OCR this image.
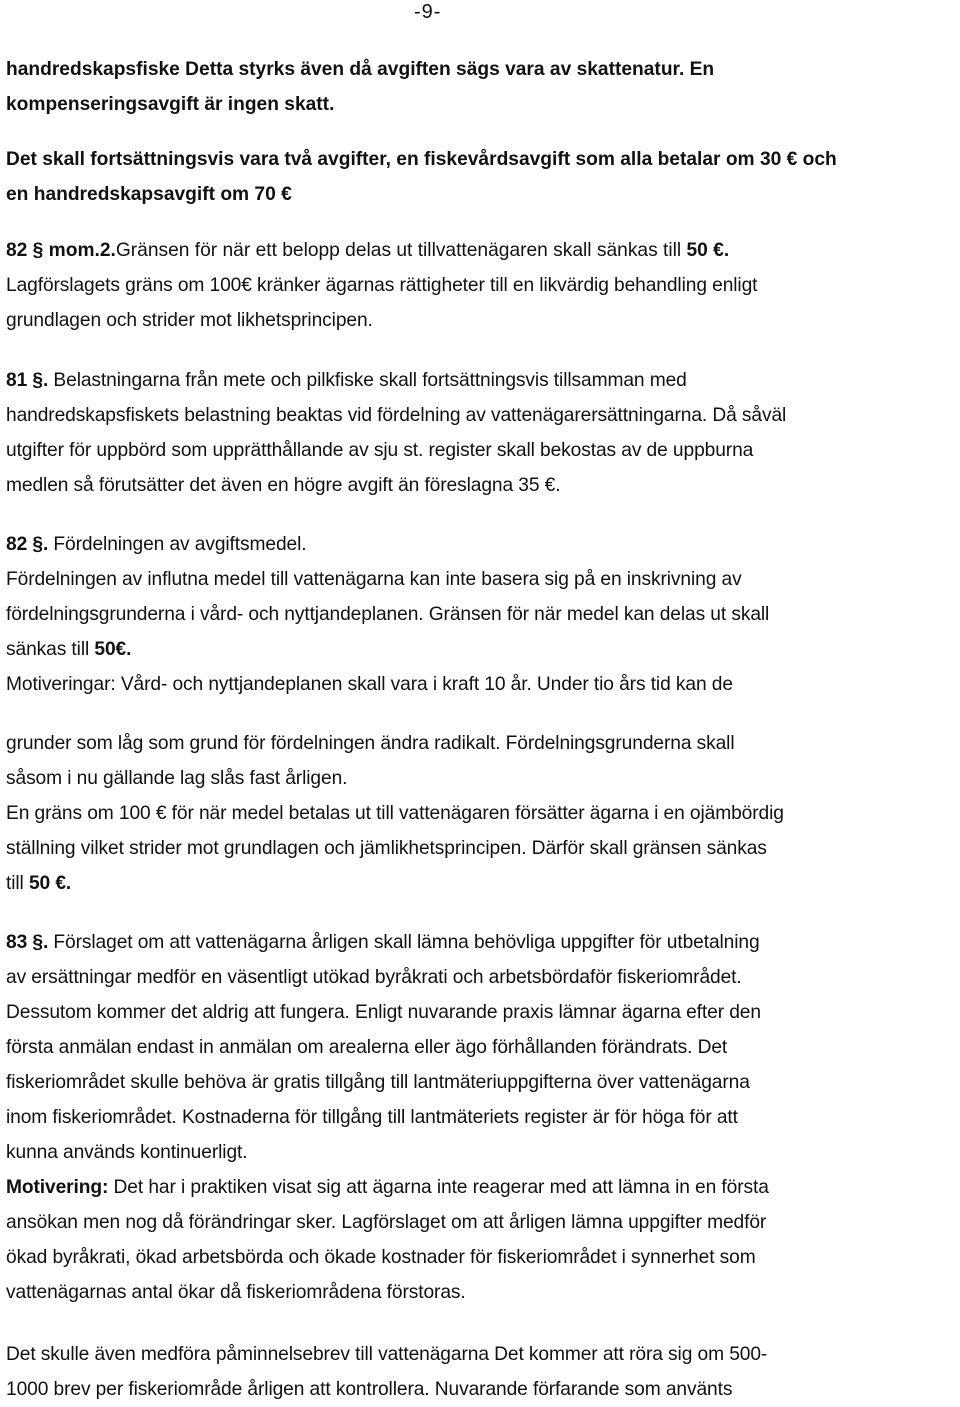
-9-
handredskapsfiske Detta styrks även då avgiften sägs vara av skattenatur. En
kompenseringsavgift är ingen skatt.
Det skall fortsättningsvis vara två avgifter, en fiskevårdsavgift som alla betalar om 30 € och
en handredskapsavgift om 70 €
82 § mom.2.Gränsen för när ett belopp delas ut tillvattenägaren skall sänkas till 50 €.
Lagförslagets gräns om 100€ kränker ägarnas rättigheter till en likvärdig behandling enligt
grundlagen och strider mot likhetsprincipen.
81 §. Belastningarna från mete och pilkfiske skall fortsättningsvis tillsamman med
handredskapsfiskets belastning beaktas vid fördelning av vattenägarersättningarna. Då såväl
utgifter för uppbörd som upprätthållande av sju st. register skall bekostas av de uppburna
medlen så förutsätter det även en högre avgift än föreslagna 35 €.
82 §. Fördelningen av avgiftsmedel.
Fördelningen av influtna medel till vattenägarna kan inte basera sig på en inskrivning av
fördelningsgrunderna i vård- och nyttjandeplanen. Gränsen för när medel kan delas ut skall
sänkas till 50€.
Motiveringar: Vård- och nyttjandeplanen skall vara i kraft 10 år. Under tio års tid kan de
grunder som låg som grund för fördelningen ändra radikalt. Fördelningsgrunderna skall
såsom i nu gällande lag slås fast årligen.
En gräns om 100 € för när medel betalas ut till vattenägaren försätter ägarna i en ojämbördig
ställning vilket strider mot grundlagen och jämlikhetsprincipen. Därför skall gränsen sänkas
till 50 €.
83 §. Förslaget om att vattenägarna årligen skall lämna behövliga uppgifter för utbetalning
av ersättningar medför en väsentligt utökad byråkrati och arbetsbördaför fiskeriområdet.
Dessutom kommer det aldrig att fungera. Enligt nuvarande praxis lämnar ägarna efter den
första anmälan endast in anmälan om arealerna eller ägo förhållanden förändrats. Det
fiskeriområdet skulle behöva är gratis tillgång till lantmäteriuppgifterna över vattenägarna
inom fiskeriområdet. Kostnaderna för tillgång till lantmäteriets register är för höga för att
kunna används kontinuerligt.
Motivering: Det har i praktiken visat sig att ägarna inte reagerar med att lämna in en första
ansökan men nog då förändringar sker. Lagförslaget om att årligen lämna uppgifter medför
ökad byråkrati, ökad arbetsbörda och ökade kostnader för fiskeriområdet i synnerhet som
vattenägarnas antal ökar då fiskeriområdena förstoras.
Det skulle även medföra påminnelsebrev till vattenägarna Det kommer att röra sig om 500-
1000 brev per fiskeriområde årligen att kontrollera. Nuvarande förfarande som använts
